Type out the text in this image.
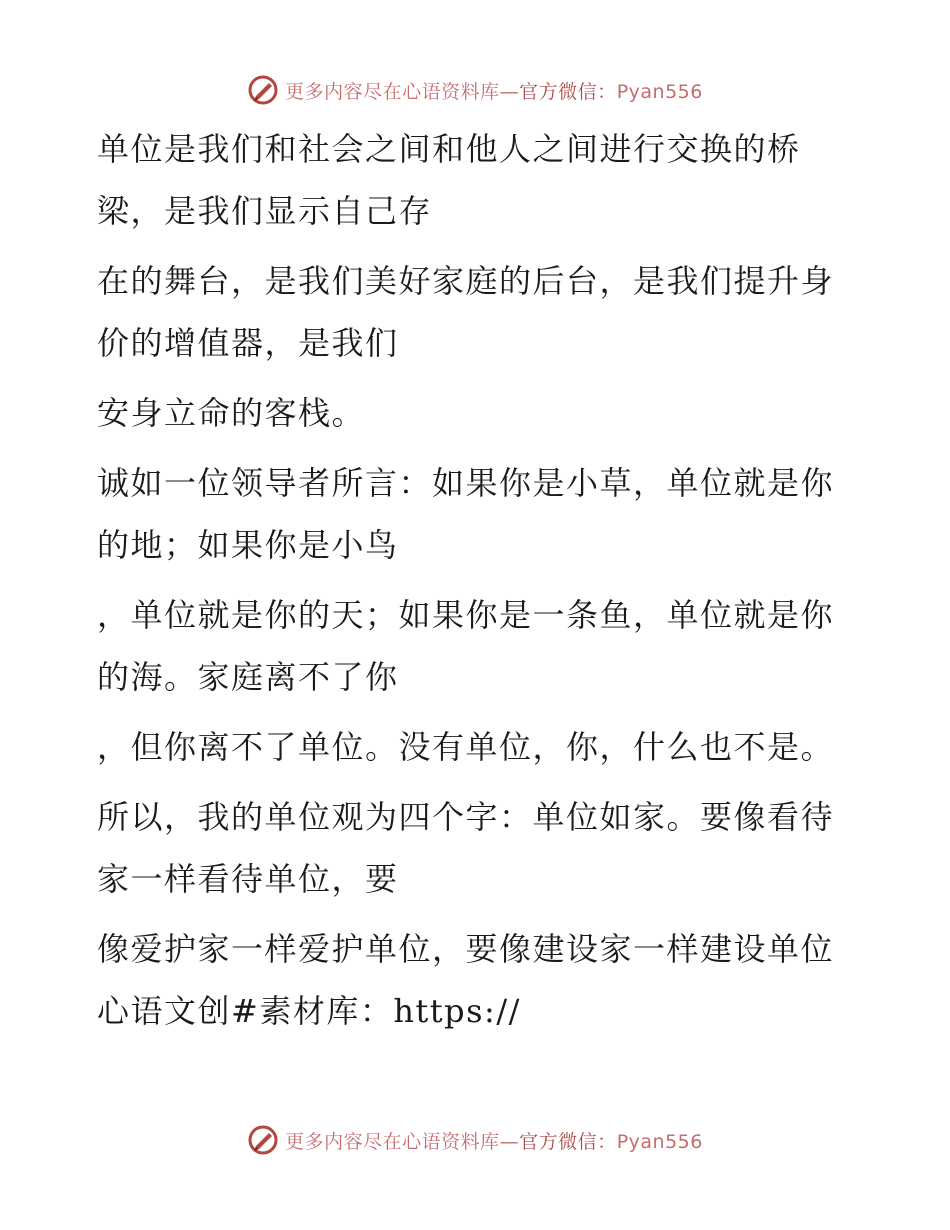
更多内容尽在心语资料库—官方微信：Pyan556

单位是我们和社会之间和他人之间进行交换的桥梁，是我们显示自己存

在的舞台，是我们美好家庭的后台，是我们提升身价的增值器，是我们

安身立命的客栈。

诚如一位领导者所言：如果你是小草，单位就是你的地；如果你是小鸟

，单位就是你的天；如果你是一条鱼，单位就是你的海。家庭离不了你

，但你离不了单位。没有单位，你，什么也不是。

所以，我的单位观为四个字：单位如家。要像看待家一样看待单位，要

像爱护家一样爱护单位，要像建设家一样建设单位心语文创#素材库：https://

更多内容尽在心语资料库—官方微信：Pyan556
